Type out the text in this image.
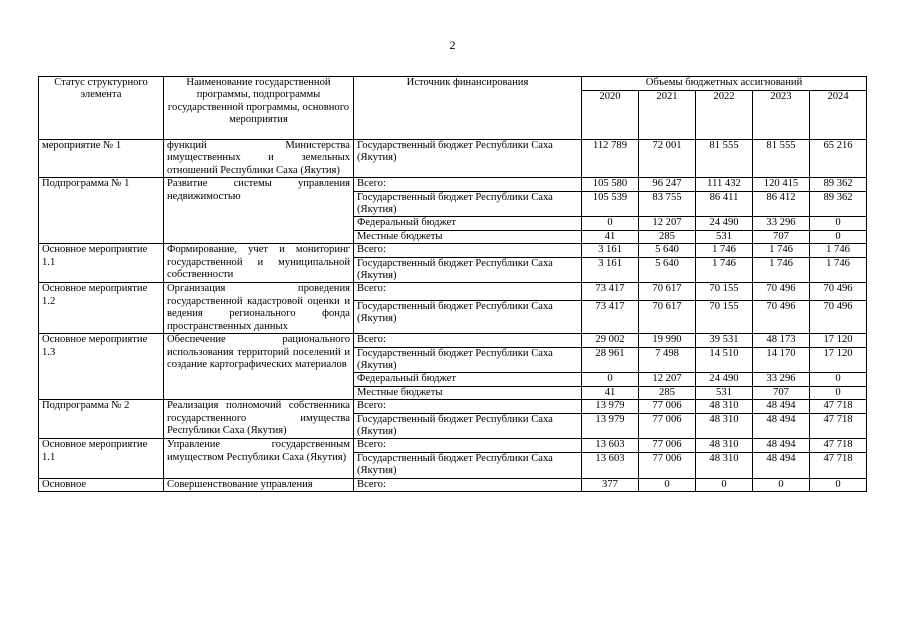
2
Статус структурного элемента	Наименование государственной программы, подпрограммы государственной программы, основного мероприятия	Источник финансирования	Объемы бюджетных ассигнований				
			2020	2021	2022	2023	2024
мероприятие № 1	функций Министерства имущественных и земельных отношений Республики Саха (Якутия)	Государственный бюджет Республики Саха (Якутия)	112 789	72 001	81 555	81 555	65 216
Подпрограмма № 1	Развитие системы управления недвижимостью	Всего:	105 580	96 247	111 432	120 415	89 362
		Государственный бюджет Республики Саха (Якутия)	105 539	83 755	86 411	86 412	89 362
		Федеральный бюджет	0	12 207	24 490	33 296	0
		Местные бюджеты	41	285	531	707	0
Основное мероприятие 1.1	Формирование, учет и мониторинг государственной и муниципальной собственности	Всего:	3 161	5 640	1 746	1 746	1 746
		Государственный бюджет Республики Саха (Якутия)	3 161	5 640	1 746	1 746	1 746
Основное мероприятие 1.2	Организация проведения государственной кадастровой оценки и ведения регионального фонда пространственных данных	Всего:	73 417	70 617	70 155	70 496	70 496
		Государственный бюджет Республики Саха (Якутия)	73 417	70 617	70 155	70 496	70 496
Основное мероприятие 1.3	Обеспечение рационального использования территорий поселений и создание картографических материалов	Всего:	29 002	19 990	39 531	48 173	17 120
		Государственный бюджет Республики Саха (Якутия)	28 961	7 498	14 510	14 170	17 120
		Федеральный бюджет	0	12 207	24 490	33 296	0
		Местные бюджеты	41	285	531	707	0
Подпрограмма № 2	Реализация полномочий собственника государственного имущества Республики Саха (Якутия)	Всего:	13 979	77 006	48 310	48 494	47 718
		Государственный бюджет Республики Саха (Якутия)	13 979	77 006	48 310	48 494	47 718
Основное мероприятие 1.1	Управление государственным имуществом Республики Саха (Якутия)	Всего:	13 603	77 006	48 310	48 494	47 718
		Государственный бюджет Республики Саха (Якутия)	13 603	77 006	48 310	48 494	47 718
Основное	Совершенствование управления	Всего:	377	0	0	0	0
